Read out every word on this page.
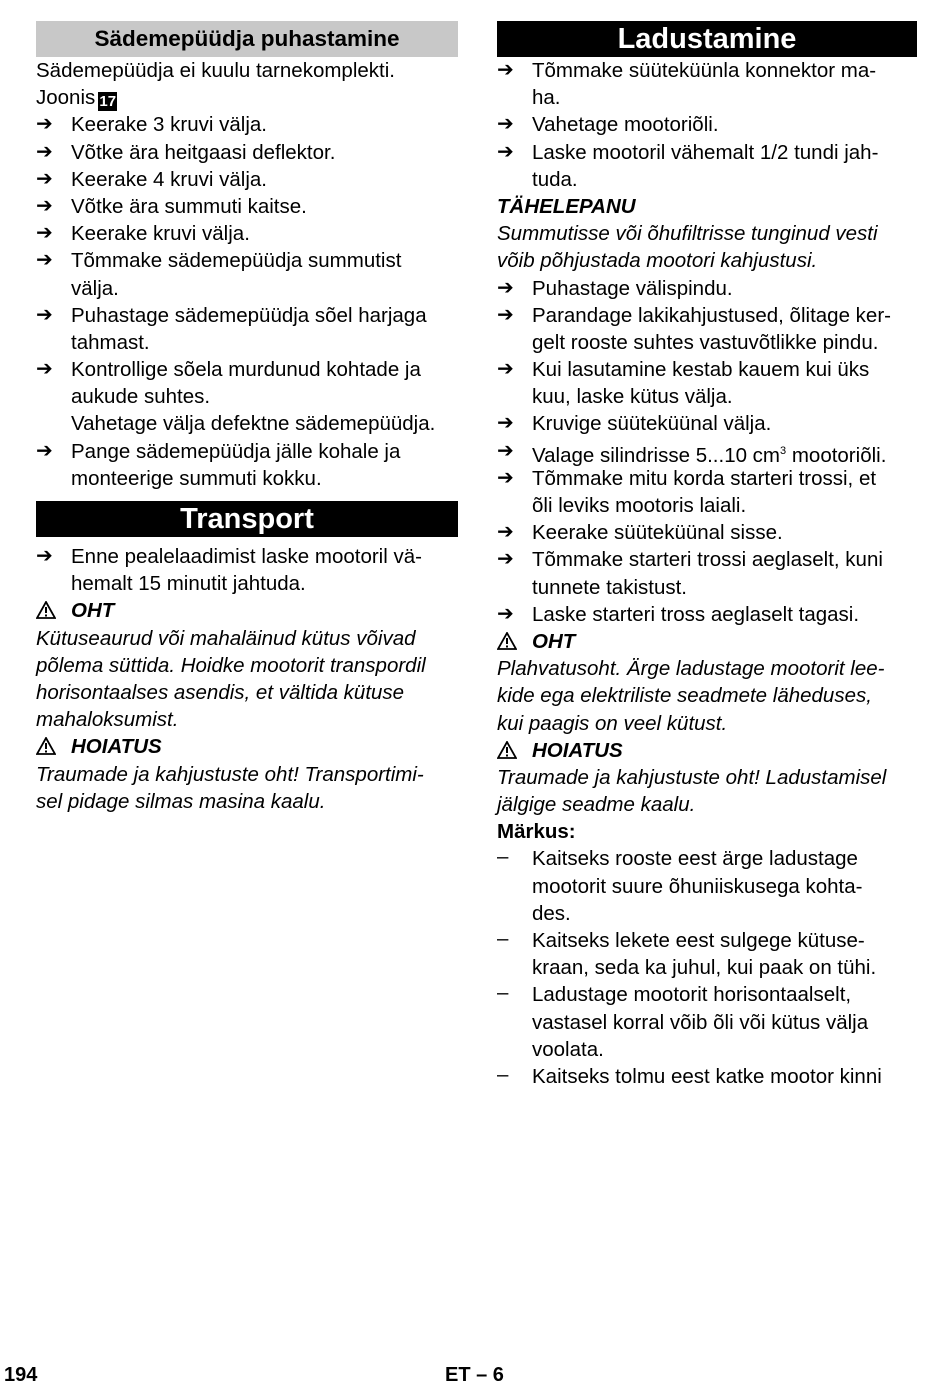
Sädemepüüdja puhastamine
Sädemepüüdja ei kuulu tarnekomplekti.
Joonis 17
➔ Keerake 3 kruvi välja.
➔ Võtke ära heitgaasi deflektor.
➔ Keerake 4 kruvi välja.
➔ Võtke ära summuti kaitse.
➔ Keerake kruvi välja.
➔ Tõmmake sädemepüüdja summutist
välja.
➔ Puhastage sädemepüüdja sõel harjaga
tahmast.
➔ Kontrollige sõela murdunud kohtade ja
aukude suhtes.
Vahetage välja defektne sädemepüüdja.
➔ Pange sädemepüüdja jälle kohale ja
monteerige summuti kokku.
Transport
➔ Enne pealelaadimist laske mootoril vä-
hemalt 15 minutit jahtuda.
OHT
Kütuseaurud või mahaläinud kütus võivad
põlema süttida. Hoidke mootorit transpordil
horisontaalses asendis, et vältida kütuse
mahaloksumist.
HOIATUS
Traumade ja kahjustuste oht! Transportimi-
sel pidage silmas masina kaalu.
Ladustamine
➔ Tõmmake süüteküünla konnektor ma-
ha.
➔ Vahetage mootoriõli.
➔ Laske mootoril vähemalt 1/2 tundi jah-
tuda.
TÄHELEPANU
Summutisse või õhufiltrisse tunginud vesti
võib põhjustada mootori kahjustusi.
➔ Puhastage välispindu.
➔ Parandage lakikahjustused, õlitage ker-
gelt rooste suhtes vastuvõtlikke pindu.
➔ Kui lasutamine kestab kauem kui üks
kuu, laske kütus välja.
➔ Kruvige süüteküünal välja.
➔ Valage silindrisse 5...10 $cm^3$ mootoriõli.
➔ Tõmmake mitu korda starteri trossi, et
õli leviks mootoris laiali.
➔ Keerake süüteküünal sisse.
➔ Tõmmake starteri trossi aeglaselt, kuni
tunnete takistust.
➔ Laske starteri tross aeglaselt tagasi.
OHT
Plahvatusoht. Ärge ladustage mootorit lee-
kide ega elektriliste seadmete läheduses,
kui paagis on veel kütust.
HOIATUS
Traumade ja kahjustuste oht! Ladustamisel
jälgige seadme kaalu.
Märkus:
–	Kaitseks rooste eest ärge ladustage
mootorit suure õhuniiskusega kohta-
des.
–	Kaitseks lekete eest sulgege kütuse-
kraan, seda ka juhul, kui paak on tühi.
–	Ladustage mootorit horisontaalselt,
vastasel korral võib õli või kütus välja
voolata.
–	Kaitseks tolmu eest katke mootor kinni
194	ET – 6
